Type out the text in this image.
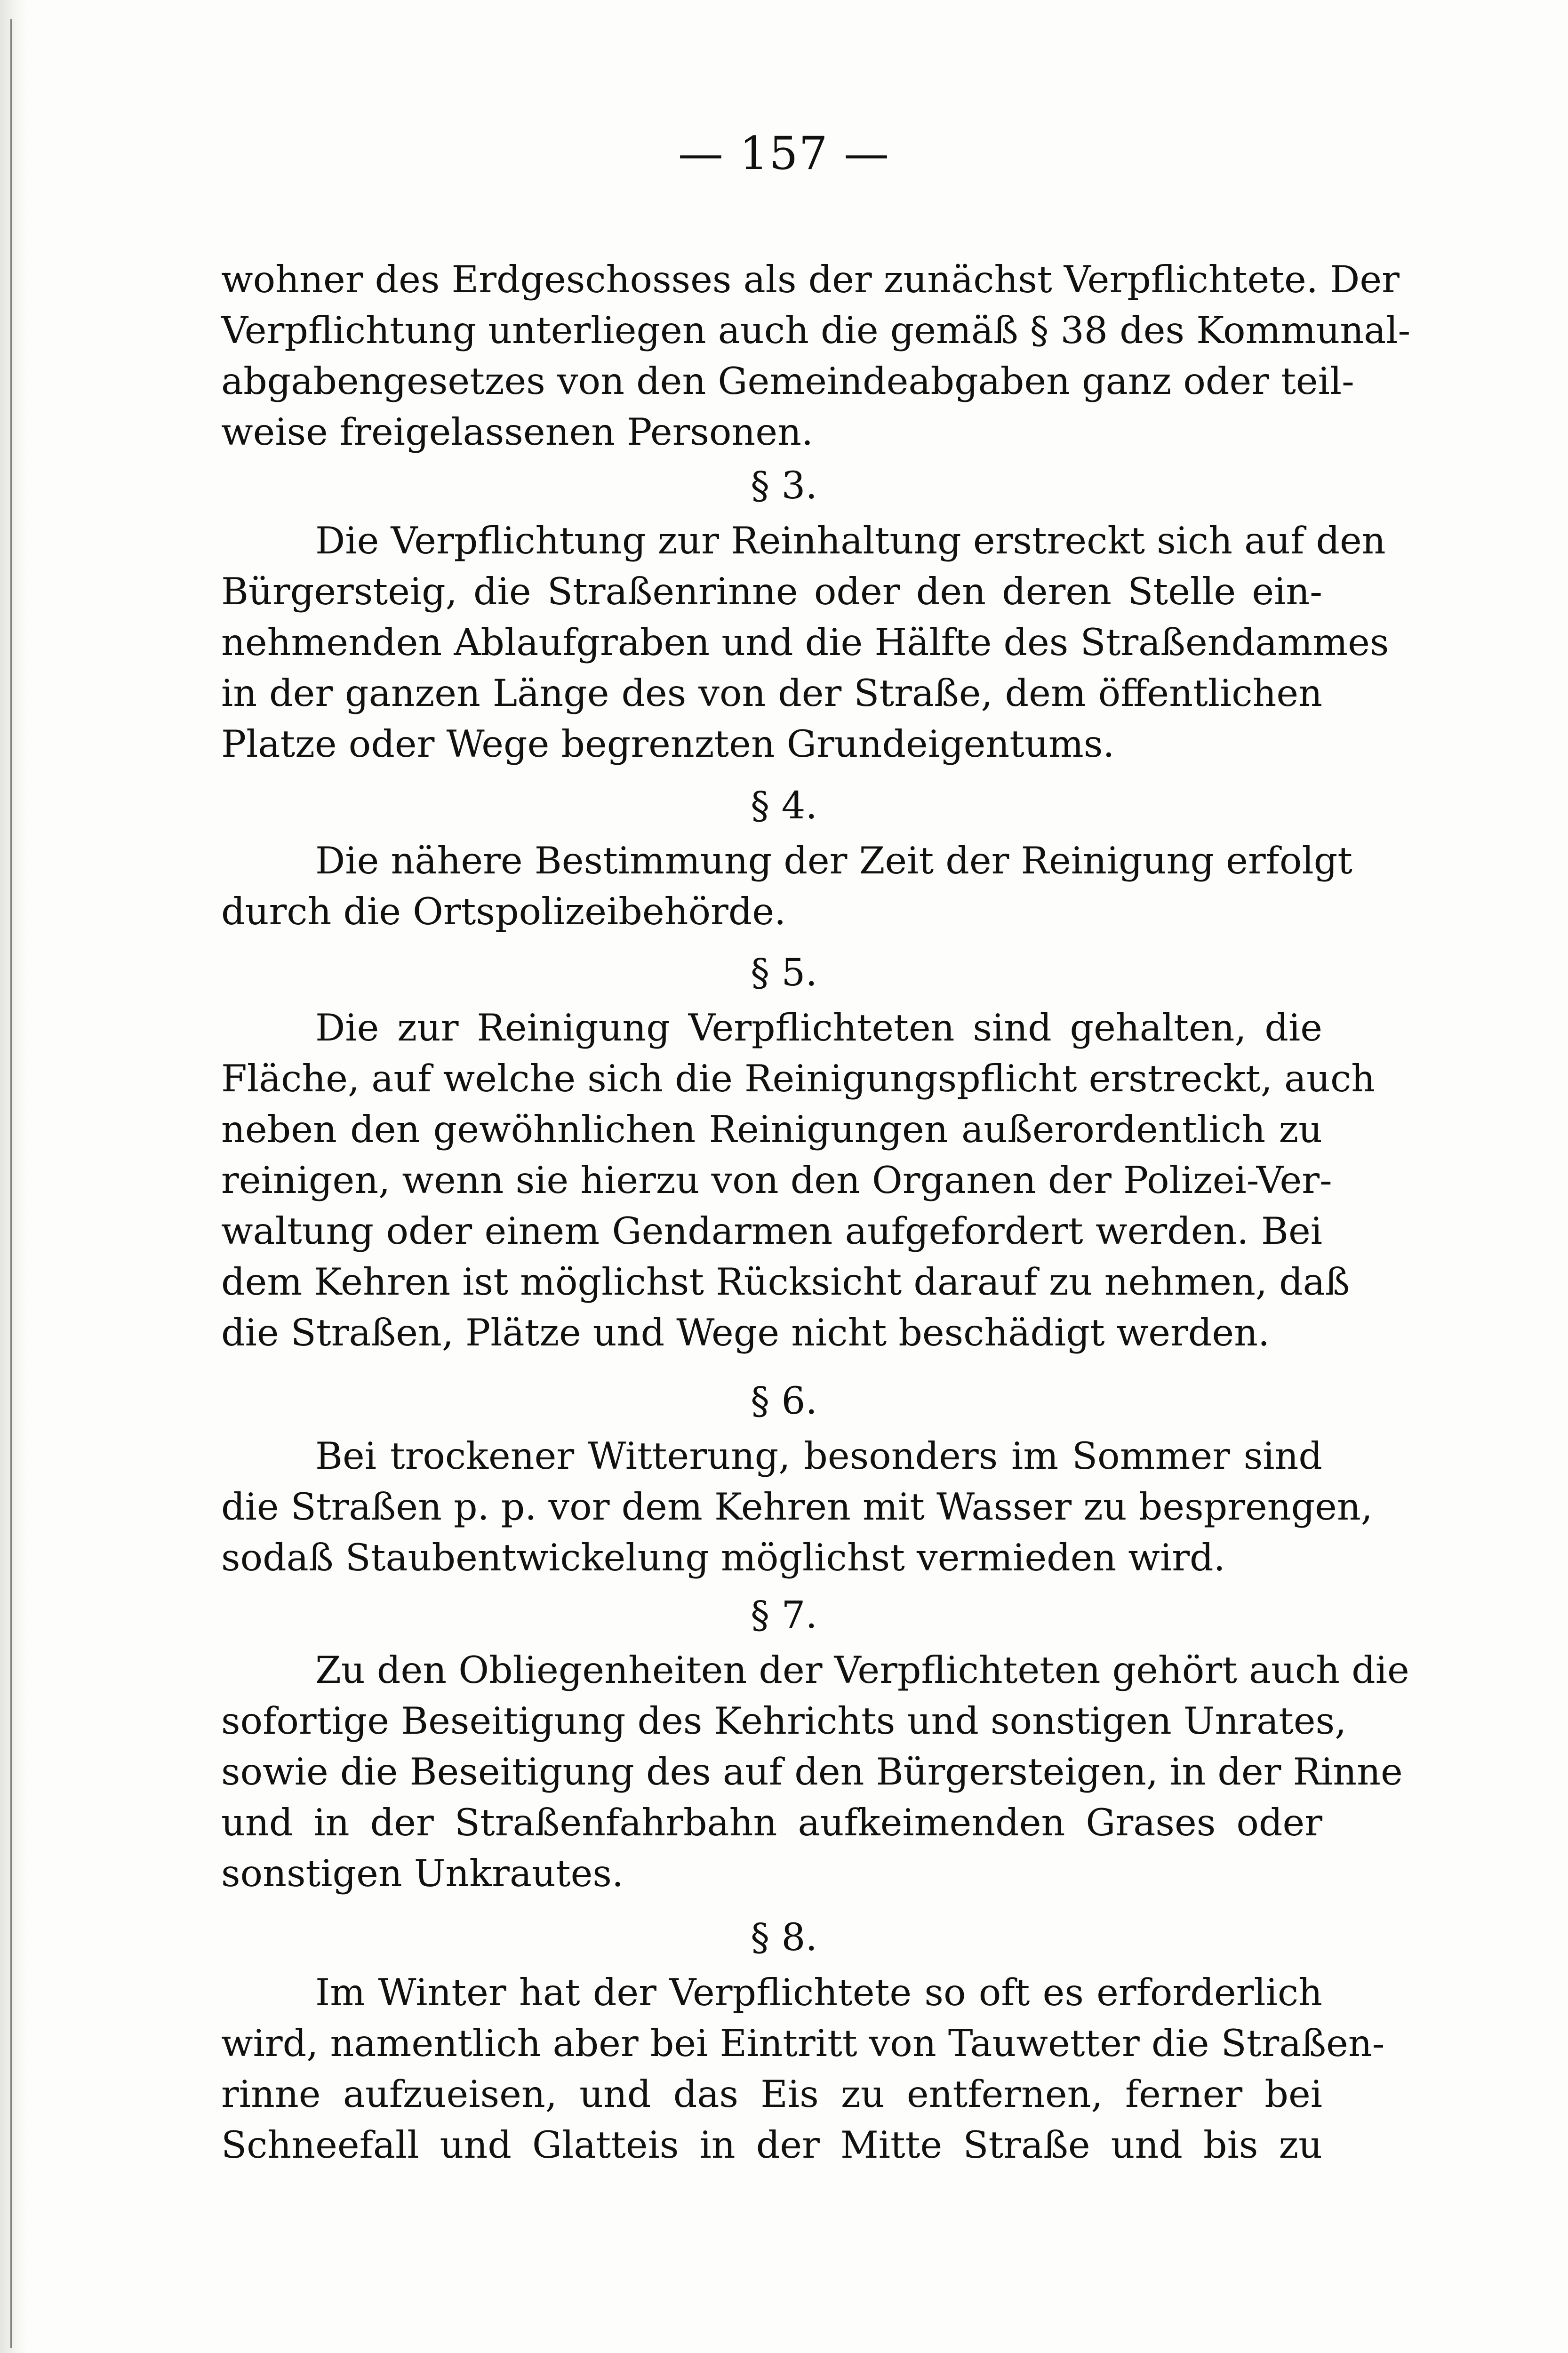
— 157 —
wohner des Erdgeschosses als der zunächst Verpflichtete. Der
Verpflichtung unterliegen auch die gemäß § 38 des Kommunal-
abgabengesetzes von den Gemeindeabgaben ganz oder teil-
weise freigelassenen Personen.
§ 3.
Die Verpflichtung zur Reinhaltung erstreckt sich auf den
Bürgersteig, die Straßenrinne oder den deren Stelle ein-
nehmenden Ablaufgraben und die Hälfte des Straßendammes
in der ganzen Länge des von der Straße, dem öffentlichen
Platze oder Wege begrenzten Grundeigentums.
§ 4.
Die nähere Bestimmung der Zeit der Reinigung erfolgt
durch die Ortspolizeibehörde.
§ 5.
Die zur Reinigung Verpflichteten sind gehalten, die
Fläche, auf welche sich die Reinigungspflicht erstreckt, auch
neben den gewöhnlichen Reinigungen außerordentlich zu
reinigen, wenn sie hierzu von den Organen der Polizei-Ver-
waltung oder einem Gendarmen aufgefordert werden. Bei
dem Kehren ist möglichst Rücksicht darauf zu nehmen, daß
die Straßen, Plätze und Wege nicht beschädigt werden.
§ 6.
Bei trockener Witterung, besonders im Sommer sind
die Straßen p. p. vor dem Kehren mit Wasser zu besprengen,
sodaß Staubentwickelung möglichst vermieden wird.
§ 7.
Zu den Obliegenheiten der Verpflichteten gehört auch die
sofortige Beseitigung des Kehrichts und sonstigen Unrates,
sowie die Beseitigung des auf den Bürgersteigen, in der Rinne
und in der Straßenfahrbahn aufkeimenden Grases oder
sonstigen Unkrautes.
§ 8.
Im Winter hat der Verpflichtete so oft es erforderlich
wird, namentlich aber bei Eintritt von Tauwetter die Straßen-
rinne aufzueisen, und das Eis zu entfernen, ferner bei
Schneefall und Glatteis in der Mitte Straße und bis zu
